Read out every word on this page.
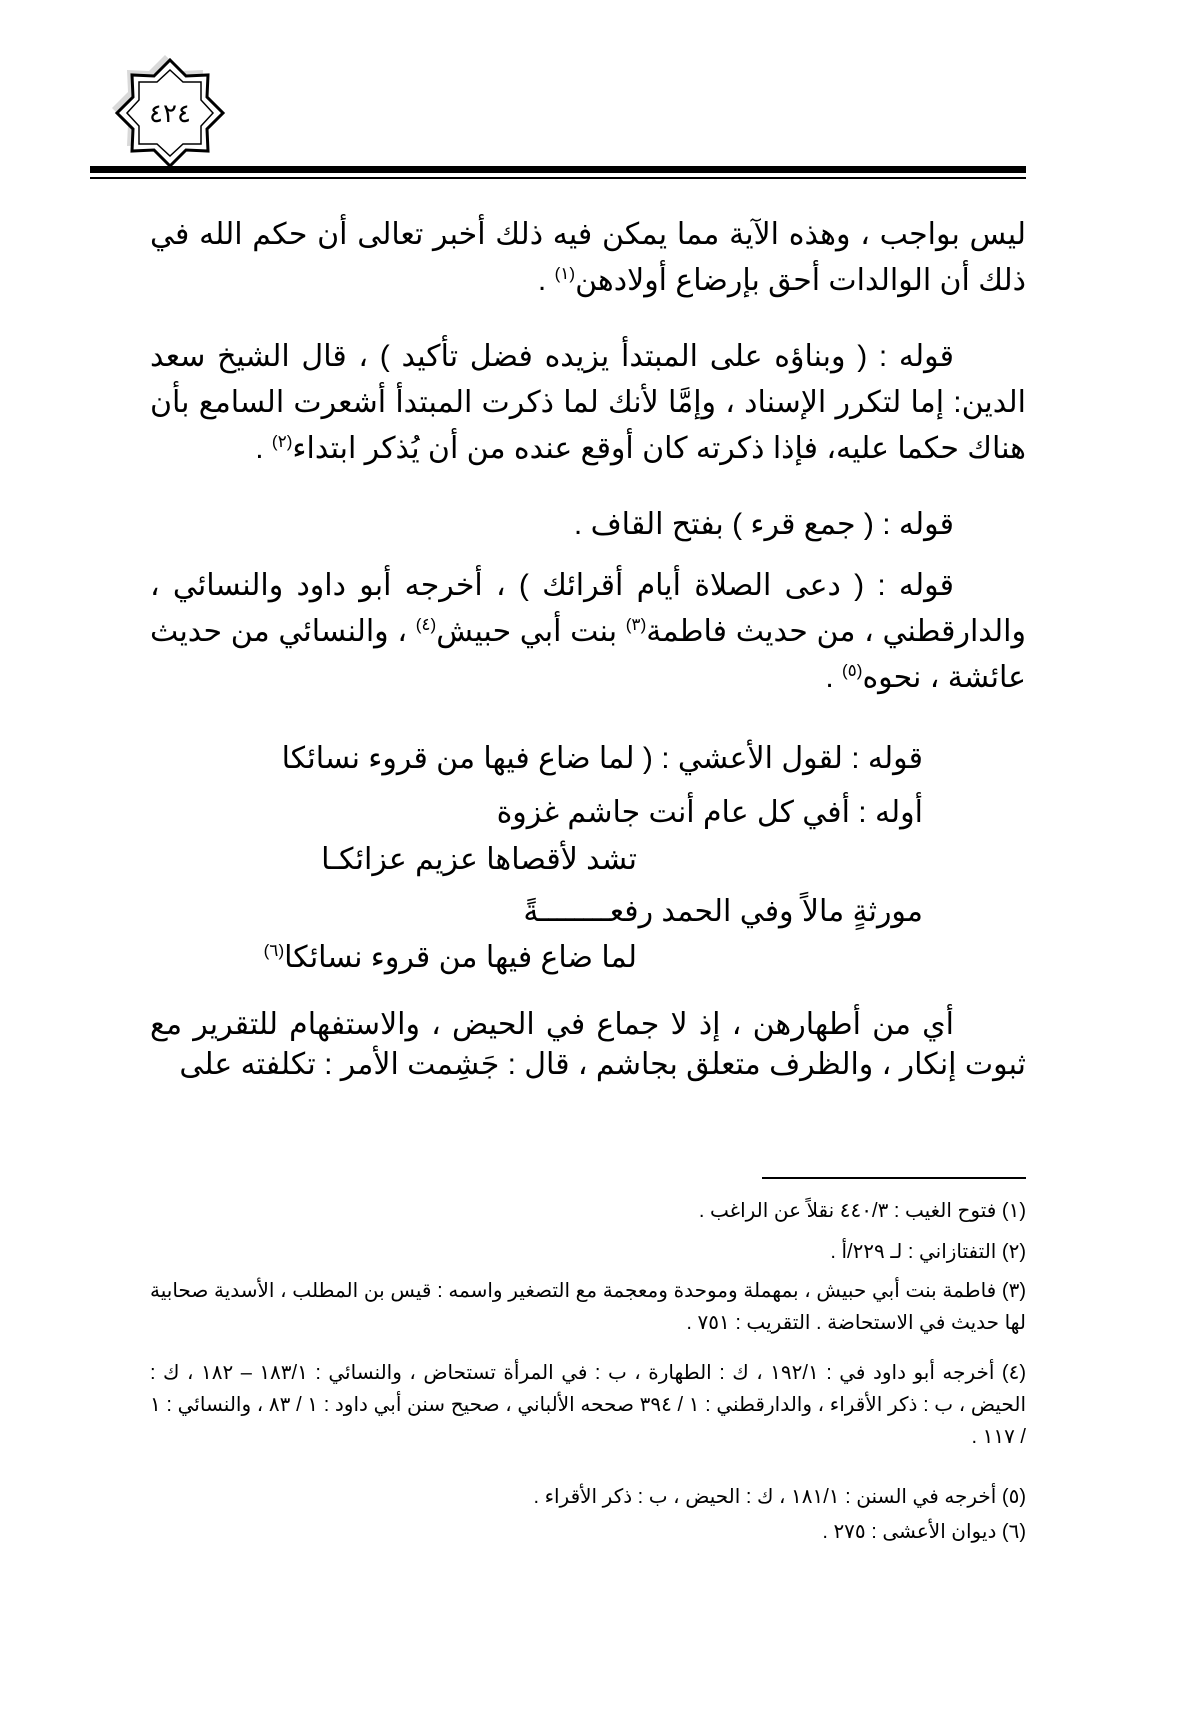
٤٢٤

ليس بواجب ، وهذه الآية مما يمكن فيه ذلك أخبر تعالى أن حكم الله في ذلك أن الوالدات أحق بإرضاع أولادهن$^{(١)}$ .

قوله : ( وبناؤه على المبتدأ يزيده فضل تأكيد ) ، قال الشيخ سعد الدين: إما لتكرر الإسناد ، وإمَّا لأنك لما ذكرت المبتدأ أشعرت السامع بأن هناك حكما عليه، فإذا ذكرته كان أوقع عنده من أن يُذكر ابتداء$^{(٢)}$ .

قوله : ( جمع قرء ) بفتح القاف .

قوله : ( دعى الصلاة أيام أقرائك ) ، أخرجه أبو داود والنسائي ، والدارقطني ، من حديث فاطمة$^{(٣)}$ بنت أبي حبيش$^{(٤)}$ ، والنسائي من حديث عائشة ، نحوه$^{(٥)}$ .

قوله : لقول الأعشي : ( لما ضاع فيها من قروء نسائكا
أوله : أفي كل عام أنت جاشم غزوة
تشد لأقصاها عزيم عزائكـا
مورثةٍ مالاً وفي الحمد رفعــــــــةً
لما ضاع فيها من قروء نسائكا$^{(٦)}$

أي من أطهارهن ، إذ لا جماع في الحيض ، والاستفهام للتقرير مع ثبوت إنكار ، والظرف متعلق بجاشم ، قال : جَشِمت الأمر : تكلفته على

(١) فتوح الغيب : ٤٤٠/٣ نقلاً عن الراغب .
(٢) التفتازاني : لـ ٢٢٩/أ .
(٣) فاطمة بنت أبي حبيش ، بمهملة وموحدة ومعجمة مع التصغير واسمه : قيس بن المطلب ، الأسدية صحابية لها حديث في الاستحاضة . التقريب : ٧٥١ .
(٤) أخرجه أبو داود في : ١٩٢/١ ، ك : الطهارة ، ب : في المرأة تستحاض ، والنسائي : ١٨٣/١ – ١٨٢ ، ك : الحيض ، ب : ذكر الأقراء ، والدارقطني : ١ / ٣٩٤ صححه الألباني ، صحيح سنن أبي داود : ١ / ٨٣ ، والنسائي : ١ / ١١٧ .
(٥) أخرجه في السنن : ١٨١/١ ، ك : الحيض ، ب : ذكر الأقراء .
(٦) ديوان الأعشى : ٢٧٥ .
